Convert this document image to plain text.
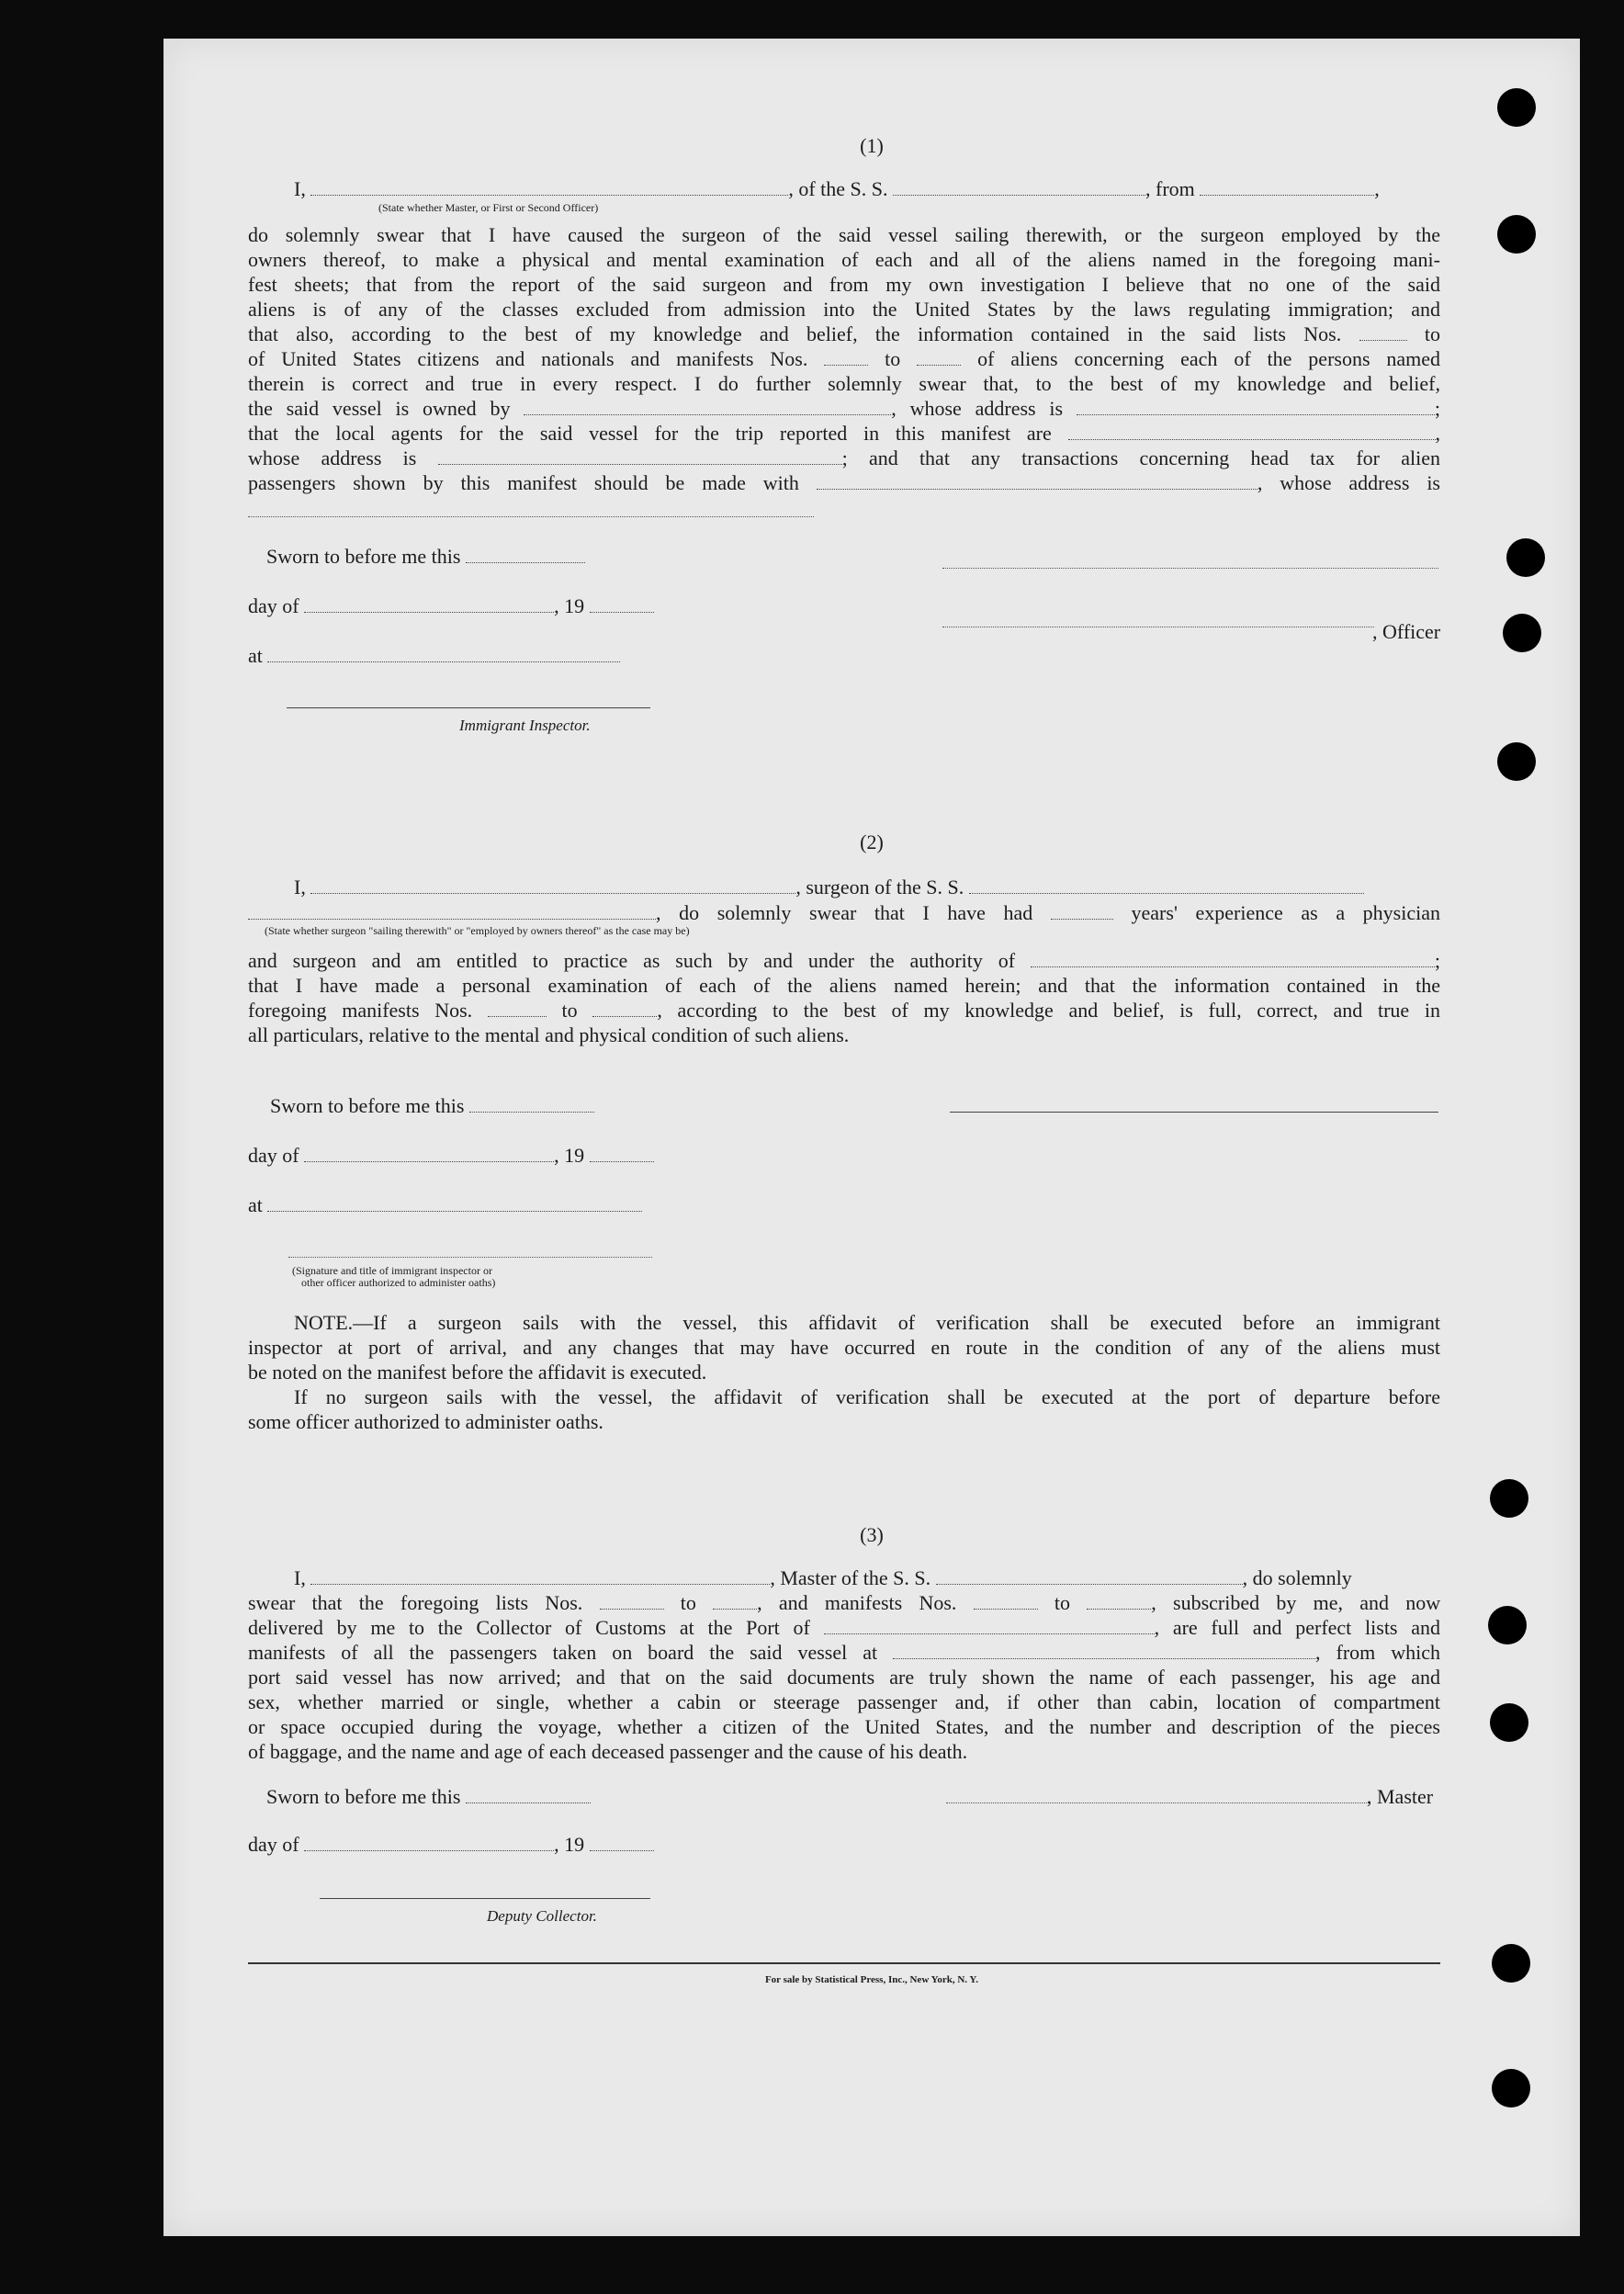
(1)
I,	, of the S. S.	, from	,
(State whether Master, or First or Second Officer)
do solemnly swear that I have caused the surgeon of the said vessel sailing therewith, or the surgeon employed by the
owners thereof, to make a physical and mental examination of each and all of the aliens named in the foregoing mani-
fest sheets; that from the report of the said surgeon and from my own investigation I believe that no one of the said
aliens is of any of the classes excluded from admission into the United States by the laws regulating immigration; and
that also, according to the best of my knowledge and belief, the information contained in the said lists Nos.	to
of United States citizens and nationals and manifests Nos.	to	of aliens concerning each of the persons named
therein is correct and true in every respect. I do further solemnly swear that, to the best of my knowledge and belief,
the said vessel is owned by	, whose address is	;
that the local agents for the said vessel for the trip reported in this manifest are	,
whose address is	; and that any transactions concerning head tax for alien
passengers shown by this manifest should be made with	, whose address is
Sworn to before me this
day of	, 19
, Officer
at
Immigrant Inspector.
(2)
I,	, surgeon of the S. S.
, do solemnly swear that I have had	years' experience as a physician
(State whether surgeon "sailing therewith" or "employed by owners thereof" as the case may be)
and surgeon and am entitled to practice as such by and under the authority of	;
that I have made a personal examination of each of the aliens named herein; and that the information contained in the
foregoing manifests Nos.	to	, according to the best of my knowledge and belief, is full, correct, and true in
all particulars, relative to the mental and physical condition of such aliens.
Sworn to before me this
day of	, 19
at
(Signature and title of immigrant inspector or
other officer authorized to administer oaths)
NOTE.—If a surgeon sails with the vessel, this affidavit of verification shall be executed before an immigrant
inspector at port of arrival, and any changes that may have occurred en route in the condition of any of the aliens must
be noted on the manifest before the affidavit is executed.
If no surgeon sails with the vessel, the affidavit of verification shall be executed at the port of departure before
some officer authorized to administer oaths.
(3)
I,	, Master of the S. S.	, do solemnly
swear that the foregoing lists Nos.	to	, and manifests Nos.	to	, subscribed by me, and now
delivered by me to the Collector of Customs at the Port of	, are full and perfect lists and
manifests of all the passengers taken on board the said vessel at	, from which
port said vessel has now arrived; and that on the said documents are truly shown the name of each passenger, his age and
sex, whether married or single, whether a cabin or steerage passenger and, if other than cabin, location of compartment
or space occupied during the voyage, whether a citizen of the United States, and the number and description of the pieces
of baggage, and the name and age of each deceased passenger and the cause of his death.
Sworn to before me this	, Master
day of	, 19
Deputy Collector.
For sale by Statistical Press, Inc., New York, N. Y.
